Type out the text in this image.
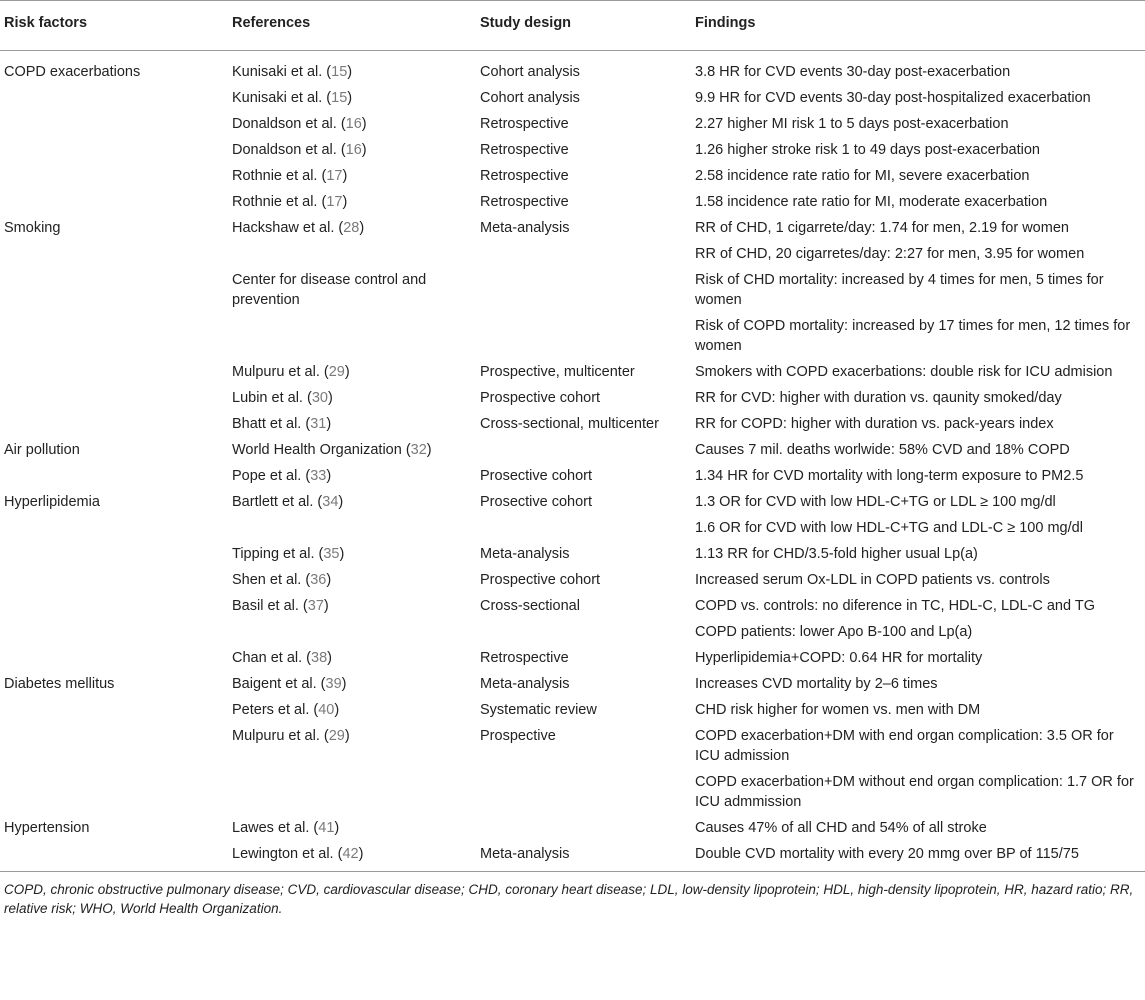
Risk factors	References	Study design	Findings
COPD exacerbations	Kunisaki et al. (15)	Cohort analysis	3.8 HR for CVD events 30-day post-exacerbation
	Kunisaki et al. (15)	Cohort analysis	9.9 HR for CVD events 30-day post-hospitalized exacerbation
	Donaldson et al. (16)	Retrospective	2.27 higher MI risk 1 to 5 days post-exacerbation
	Donaldson et al. (16)	Retrospective	1.26 higher stroke risk 1 to 49 days post-exacerbation
	Rothnie et al. (17)	Retrospective	2.58 incidence rate ratio for MI, severe exacerbation
	Rothnie et al. (17)	Retrospective	1.58 incidence rate ratio for MI, moderate exacerbation
Smoking	Hackshaw et al. (28)	Meta-analysis	RR of CHD, 1 cigarrete/day: 1.74 for men, 2.19 for women
			RR of CHD, 20 cigarretes/day: 2:27 for men, 3.95 for women
	Center for disease control and prevention		Risk of CHD mortality: increased by 4 times for men, 5 times for women
			Risk of COPD mortality: increased by 17 times for men, 12 times for women
	Mulpuru et al. (29)	Prospective, multicenter	Smokers with COPD exacerbations: double risk for ICU admision
	Lubin et al. (30)	Prospective cohort	RR for CVD: higher with duration vs. qaunity smoked/day
	Bhatt et al. (31)	Cross-sectional, multicenter	RR for COPD: higher with duration vs. pack-years index
Air pollution	World Health Organization (32)		Causes 7 mil. deaths worlwide: 58% CVD and 18% COPD
	Pope et al. (33)	Prosective cohort	1.34 HR for CVD mortality with long-term exposure to PM2.5
Hyperlipidemia	Bartlett et al. (34)	Prosective cohort	1.3 OR for CVD with low HDL-C+TG or LDL ≥ 100 mg/dl
			1.6 OR for CVD with low HDL-C+TG and LDL-C ≥ 100 mg/dl
	Tipping et al. (35)	Meta-analysis	1.13 RR for CHD/3.5-fold higher usual Lp(a)
	Shen et al. (36)	Prospective cohort	Increased serum Ox-LDL in COPD patients vs. controls
	Basil et al. (37)	Cross-sectional	COPD vs. controls: no diference in TC, HDL-C, LDL-C and TG
			COPD patients: lower Apo B-100 and Lp(a)
	Chan et al. (38)	Retrospective	Hyperlipidemia+COPD: 0.64 HR for mortality
Diabetes mellitus	Baigent et al. (39)	Meta-analysis	Increases CVD mortality by 2–6 times
	Peters et al. (40)	Systematic review	CHD risk higher for women vs. men with DM
	Mulpuru et al. (29)	Prospective	COPD exacerbation+DM with end organ complication: 3.5 OR for ICU admission
			COPD exacerbation+DM without end organ complication: 1.7 OR for ICU admmission
Hypertension	Lawes et al. (41)		Causes 47% of all CHD and 54% of all stroke
	Lewington et al. (42)	Meta-analysis	Double CVD mortality with every 20 mmg over BP of 115/75
COPD, chronic obstructive pulmonary disease; CVD, cardiovascular disease; CHD, coronary heart disease; LDL, low-density lipoprotein; HDL, high-density lipoprotein, HR, hazard ratio; RR, relative risk; WHO, World Health Organization.
